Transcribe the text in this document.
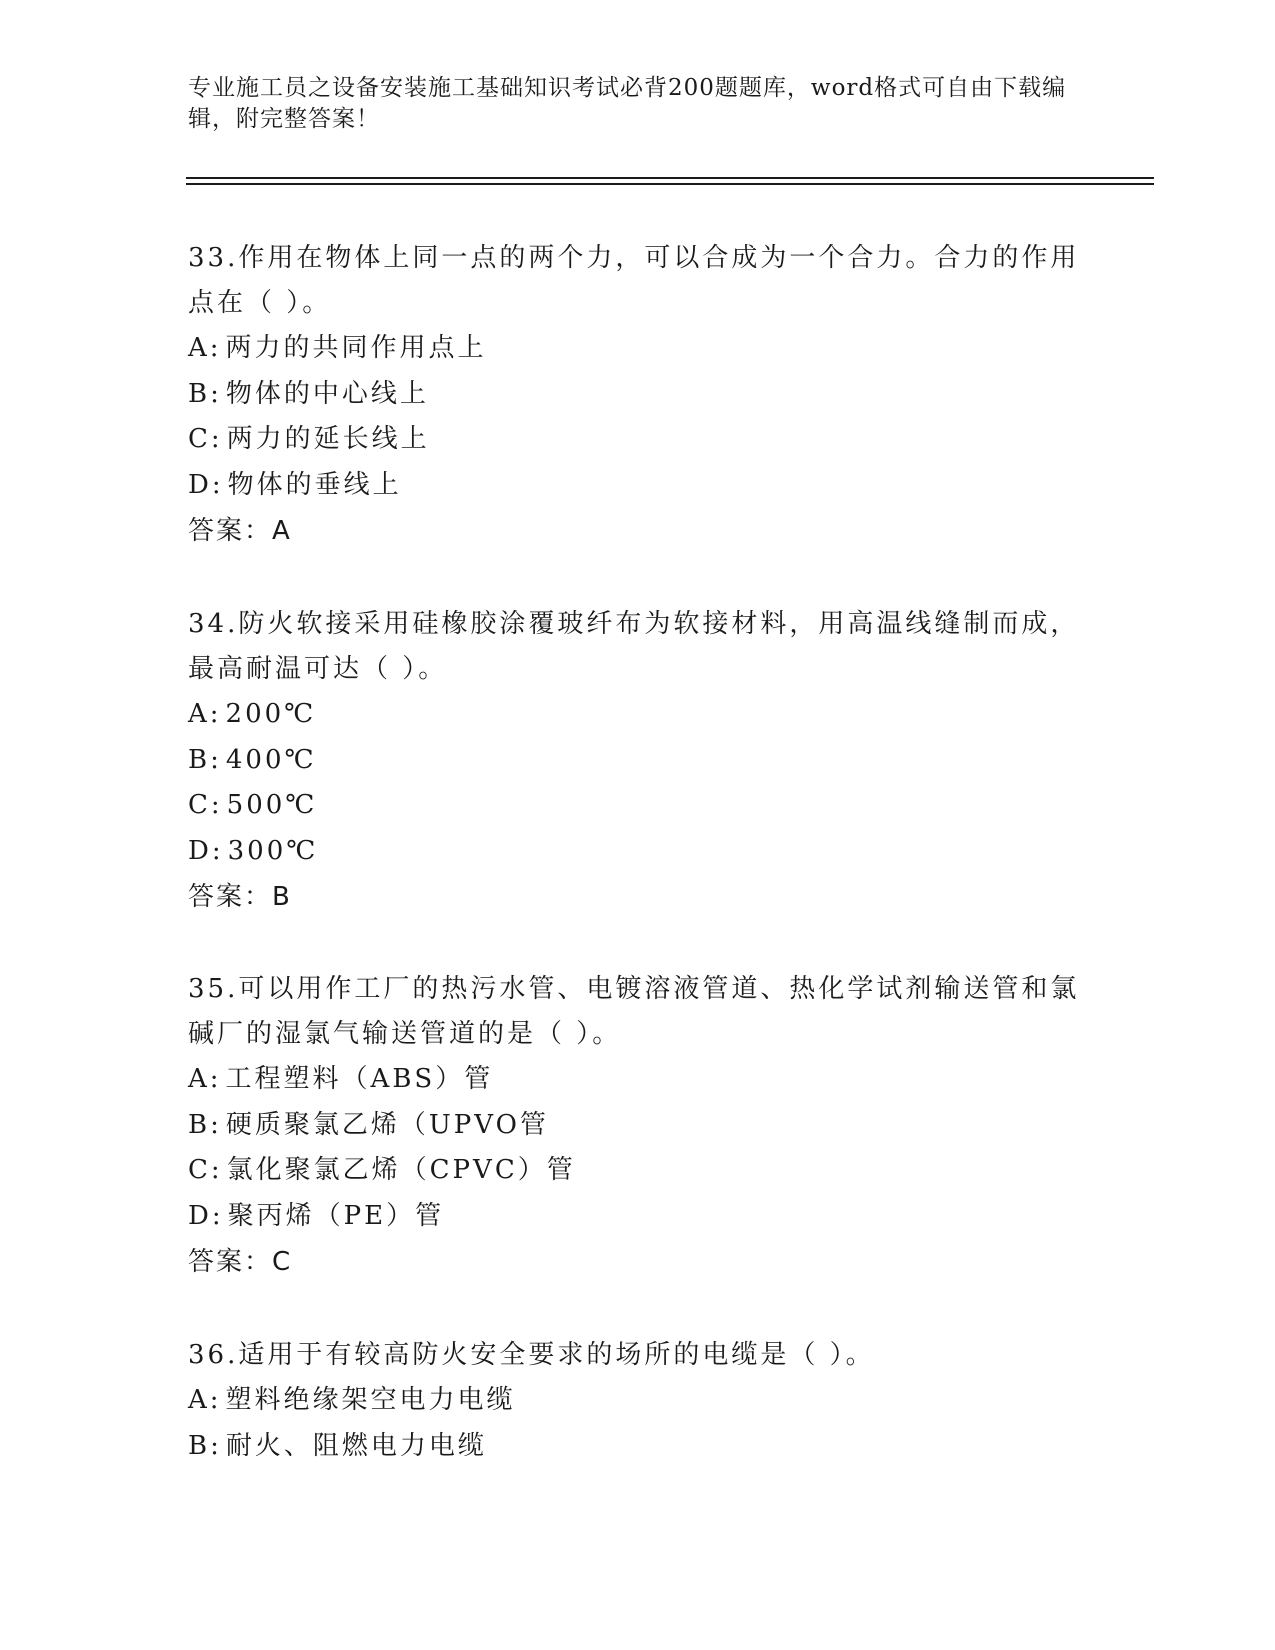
专业施工员之设备安装施工基础知识考试必背200题题库，word格式可自由下载编辑，附完整答案！

33.作用在物体上同一点的两个力，可以合成为一个合力。合力的作用点在（ ）。

A: 两力的共同作用点上
B: 物体的中心线上
C: 两力的延长线上
D: 物体的垂线上
答案：A

34.防火软接采用硅橡胶涂覆玻纤布为软接材料，用高温线缝制而成，最高耐温可达（ ）。

A: 200℃
B: 400℃
C: 500℃
D: 300℃
答案：B

35.可以用作工厂的热污水管、电镀溶液管道、热化学试剂输送管和氯碱厂的湿氯气输送管道的是（ ）。

A: 工程塑料（ABS）管
B: 硬质聚氯乙烯（UPVO管
C: 氯化聚氯乙烯（CPVC）管
D: 聚丙烯（PE）管
答案：C

36.适用于有较高防火安全要求的场所的电缆是（ ）。

A: 塑料绝缘架空电力电缆
B: 耐火、阻燃电力电缆
